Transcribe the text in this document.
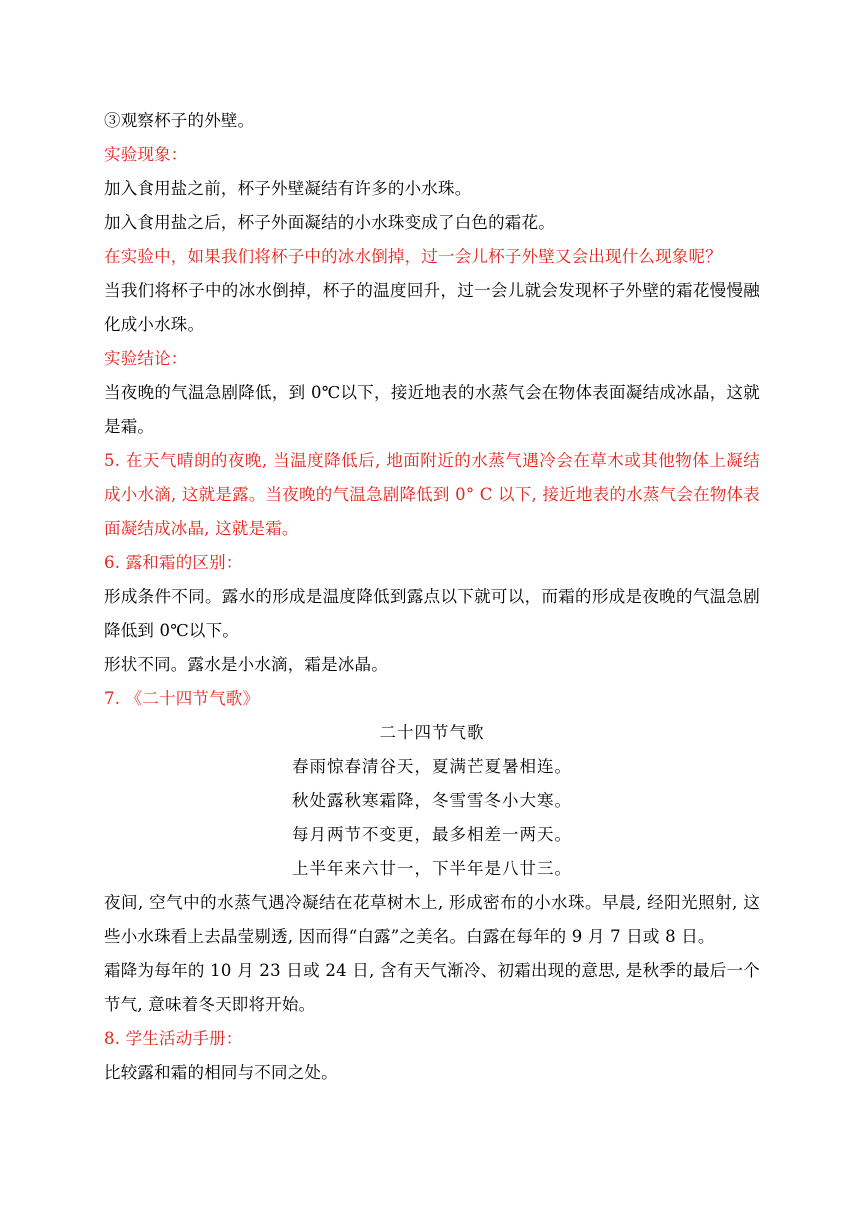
③观察杯子的外壁。

实验现象：

加入食用盐之前，杯子外壁凝结有许多的小水珠。

加入食用盐之后，杯子外面凝结的小水珠变成了白色的霜花。

在实验中，如果我们将杯子中的冰水倒掉，过一会儿杯子外壁又会出现什么现象呢？

当我们将杯子中的冰水倒掉，杯子的温度回升，过一会儿就会发现杯子外壁的霜花慢慢融化成小水珠。

实验结论：

当夜晚的气温急剧降低，到 0℃以下，接近地表的水蒸气会在物体表面凝结成冰晶，这就是霜。

5. 在天气晴朗的夜晚, 当温度降低后, 地面附近的水蒸气遇冷会在草木或其他物体上凝结成小水滴, 这就是露。当夜晚的气温急剧降低到 0° C 以下, 接近地表的水蒸气会在物体表面凝结成冰晶, 这就是霜。

6. 露和霜的区别：

形成条件不同。露水的形成是温度降低到露点以下就可以，而霜的形成是夜晚的气温急剧降低到 0℃以下。

形状不同。露水是小水滴，霜是冰晶。

7. 《二十四节气歌》

二十四节气歌

春雨惊春清谷天，夏满芒夏暑相连。

秋处露秋寒霜降，冬雪雪冬小大寒。

每月两节不变更，最多相差一两天。

上半年来六廿一，下半年是八廿三。

夜间, 空气中的水蒸气遇冷凝结在花草树木上, 形成密布的小水珠。早晨, 经阳光照射, 这些小水珠看上去晶莹剔透, 因而得“白露”之美名。白露在每年的 9 月 7 日或 8 日。

霜降为每年的 10 月 23 日或 24 日, 含有天气渐冷、初霜出现的意思, 是秋季的最后一个节气, 意味着冬天即将开始。

8. 学生活动手册：

比较露和霜的相同与不同之处。
